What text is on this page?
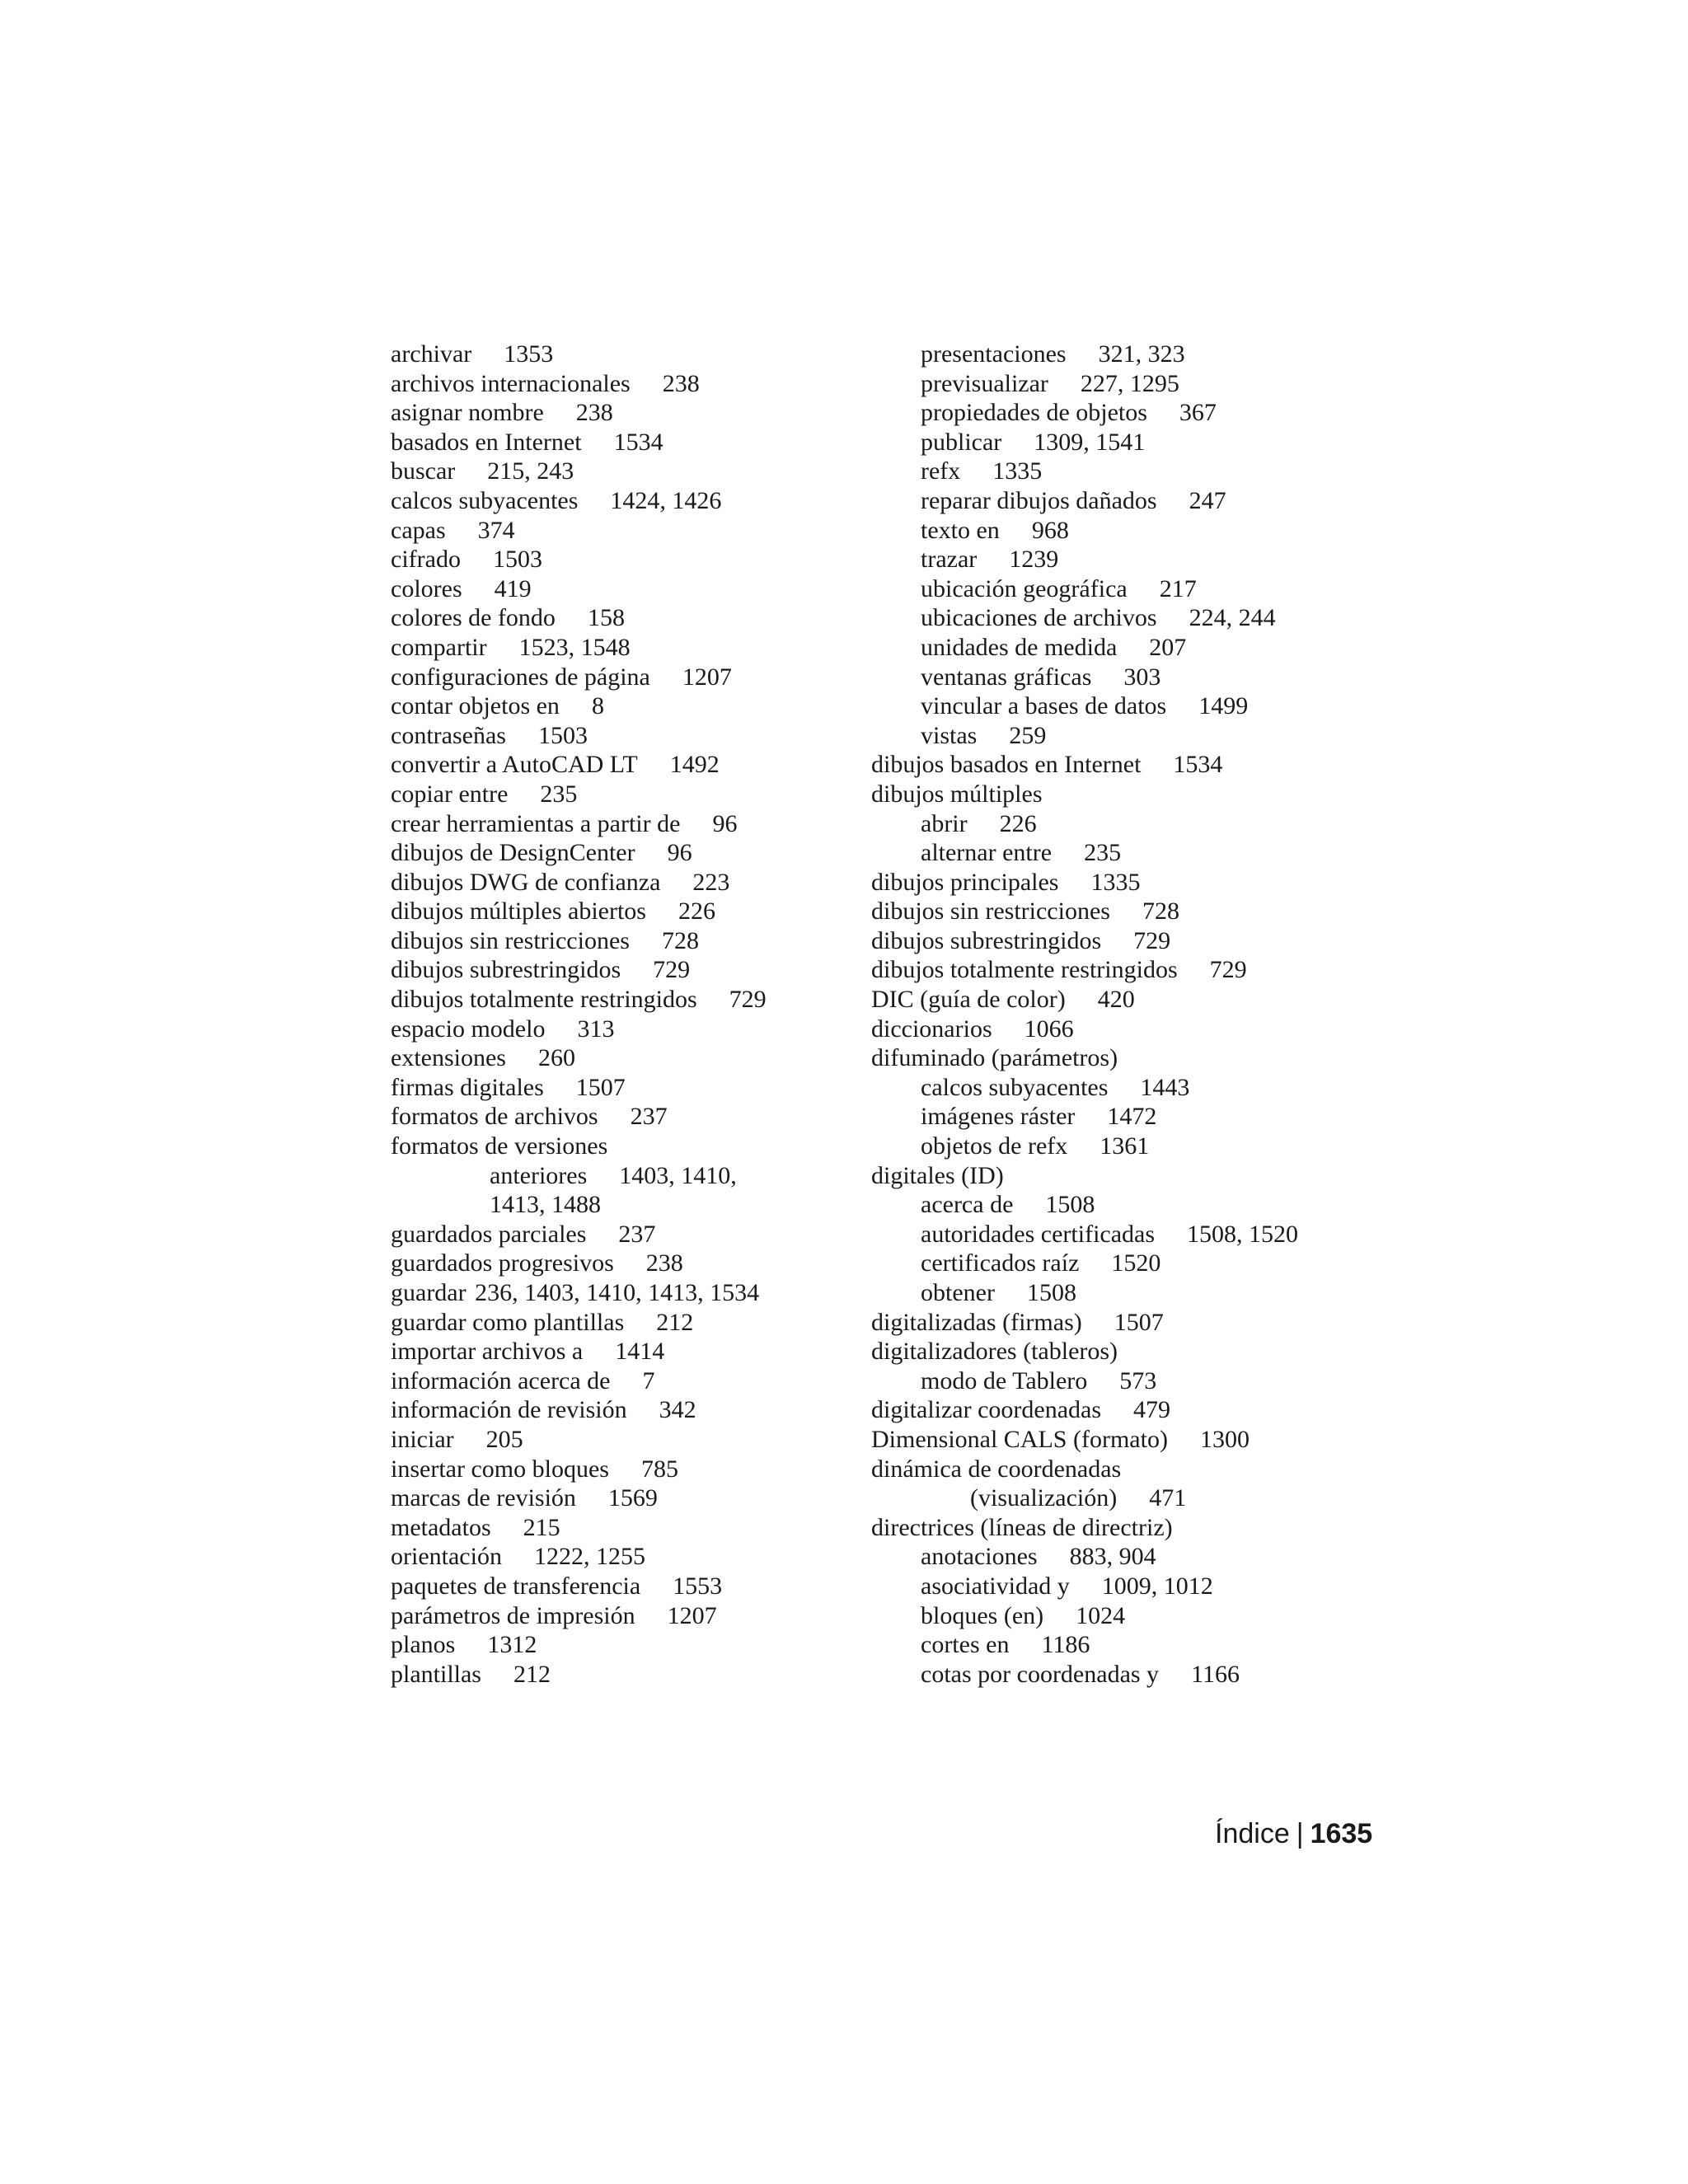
archivar 1353
archivos internacionales 238
asignar nombre 238
basados en Internet 1534
buscar 215, 243
calcos subyacentes 1424, 1426
capas 374
cifrado 1503
colores 419
colores de fondo 158
compartir 1523, 1548
configuraciones de página 1207
contar objetos en 8
contraseñas 1503
convertir a AutoCAD LT 1492
copiar entre 235
crear herramientas a partir de 96
dibujos de DesignCenter 96
dibujos DWG de confianza 223
dibujos múltiples abiertos 226
dibujos sin restricciones 728
dibujos subrestringidos 729
dibujos totalmente restringidos 729
espacio modelo 313
extensiones 260
firmas digitales 1507
formatos de archivos 237
formatos de versiones
anteriores 1403, 1410,
1413, 1488
guardados parciales 237
guardados progresivos 238
guardar 236, 1403, 1410, 1413, 1534
guardar como plantillas 212
importar archivos a 1414
información acerca de 7
información de revisión 342
iniciar 205
insertar como bloques 785
marcas de revisión 1569
metadatos 215
orientación 1222, 1255
paquetes de transferencia 1553
parámetros de impresión 1207
planos 1312
plantillas 212
presentaciones 321, 323
previsualizar 227, 1295
propiedades de objetos 367
publicar 1309, 1541
refx 1335
reparar dibujos dañados 247
texto en 968
trazar 1239
ubicación geográfica 217
ubicaciones de archivos 224, 244
unidades de medida 207
ventanas gráficas 303
vincular a bases de datos 1499
vistas 259
dibujos basados en Internet 1534
dibujos múltiples
abrir 226
alternar entre 235
dibujos principales 1335
dibujos sin restricciones 728
dibujos subrestringidos 729
dibujos totalmente restringidos 729
DIC (guía de color) 420
diccionarios 1066
difuminado (parámetros)
calcos subyacentes 1443
imágenes ráster 1472
objetos de refx 1361
digitales (ID)
acerca de 1508
autoridades certificadas 1508, 1520
certificados raíz 1520
obtener 1508
digitalizadas (firmas) 1507
digitalizadores (tableros)
modo de Tablero 573
digitalizar coordenadas 479
Dimensional CALS (formato) 1300
dinámica de coordenadas
(visualización) 471
directrices (líneas de directriz)
anotaciones 883, 904
asociatividad y 1009, 1012
bloques (en) 1024
cortes en 1186
cotas por coordenadas y 1166
Índice | 1635
